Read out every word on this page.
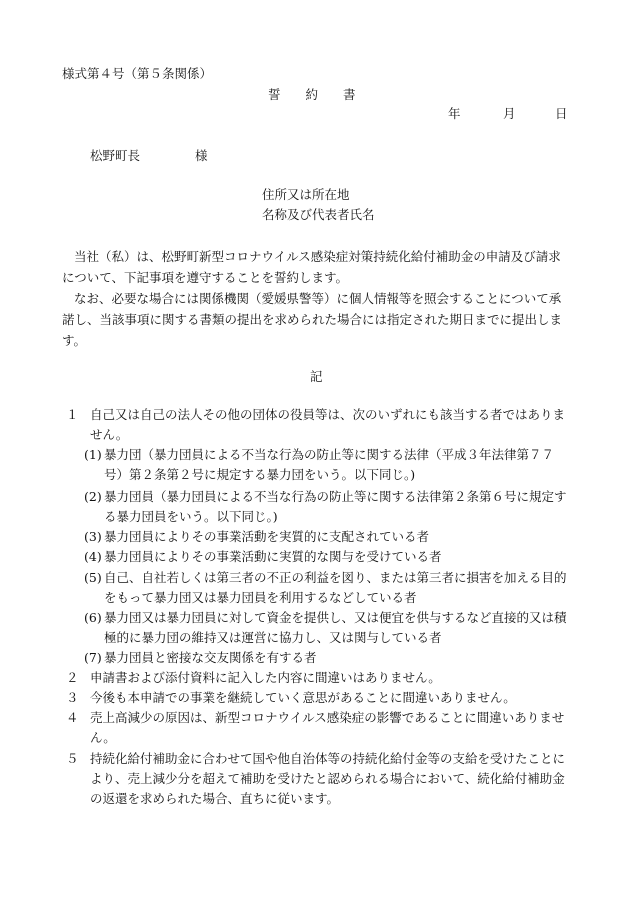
様式第４号（第５条関係）
誓　　約　　書
年	月	日
松野町長	様
住所又は所在地
名称及び代表者氏名
当社（私）は、松野町新型コロナウイルス感染症対策持続化給付補助金の申請及び請求について、下記事項を遵守することを誓約します。
なお、必要な場合には関係機関（愛媛県警等）に個人情報等を照会することについて承諾し、当該事項に関する書類の提出を求められた場合には指定された期日までに提出します。
記
１ 自己又は自己の法人その他の団体の役員等は、次のいずれにも該当する者ではありません。
(1) 暴力団（暴力団員による不当な行為の防止等に関する法律（平成３年法律第７７号）第２条第２号に規定する暴力団をいう。以下同じ。)
(2) 暴力団員（暴力団員による不当な行為の防止等に関する法律第２条第６号に規定する暴力団員をいう。以下同じ。)
(3) 暴力団員によりその事業活動を実質的に支配されている者
(4) 暴力団員によりその事業活動に実質的な関与を受けている者
(5) 自己、自社若しくは第三者の不正の利益を図り、または第三者に損害を加える目的をもって暴力団又は暴力団員を利用するなどしている者
(6) 暴力団又は暴力団員に対して資金を提供し、又は便宜を供与するなど直接的又は積極的に暴力団の維持又は運営に協力し、又は関与している者
(7) 暴力団員と密接な交友関係を有する者
２ 申請書および添付資料に記入した内容に間違いはありません。
３ 今後も本申請での事業を継続していく意思があることに間違いありません。
４ 売上高減少の原因は、新型コロナウイルス感染症の影響であることに間違いありません。
５ 持続化給付補助金に合わせて国や他自治体等の持続化給付金等の支給を受けたことにより、売上減少分を超えて補助を受けたと認められる場合において、続化給付補助金の返還を求められた場合、直ちに従います。
